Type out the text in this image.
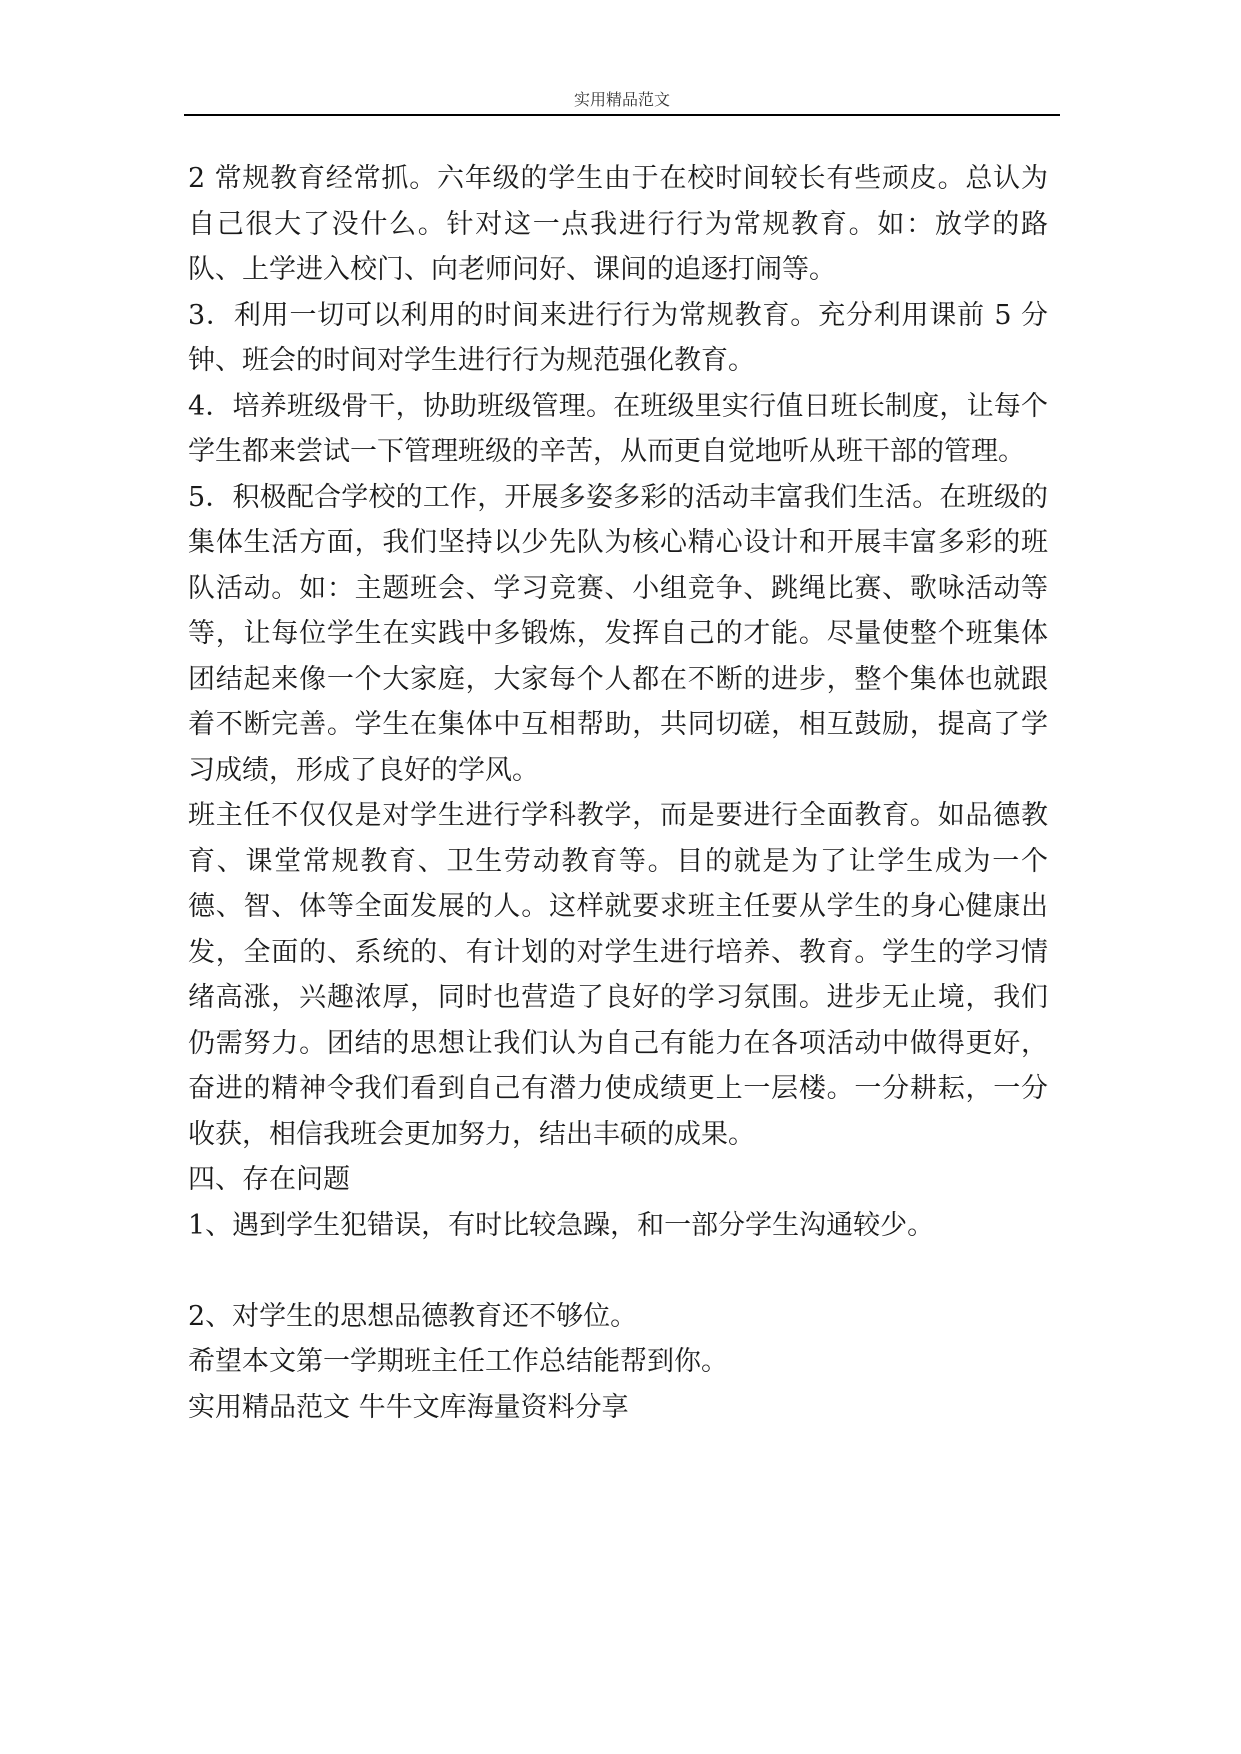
实用精品范文

2 常规教育经常抓。六年级的学生由于在校时间较长有些顽皮。总认为自己很大了没什么。针对这一点我进行行为常规教育。如：放学的路队、上学进入校门、向老师问好、课间的追逐打闹等。

3．利用一切可以利用的时间来进行行为常规教育。充分利用课前 5 分钟、班会的时间对学生进行行为规范强化教育。

4．培养班级骨干，协助班级管理。在班级里实行值日班长制度，让每个学生都来尝试一下管理班级的辛苦，从而更自觉地听从班干部的管理。

5．积极配合学校的工作，开展多姿多彩的活动丰富我们生活。在班级的集体生活方面，我们坚持以少先队为核心精心设计和开展丰富多彩的班队活动。如：主题班会、学习竞赛、小组竞争、跳绳比赛、歌咏活动等等，让每位学生在实践中多锻炼，发挥自己的才能。尽量使整个班集体团结起来像一个大家庭，大家每个人都在不断的进步，整个集体也就跟着不断完善。学生在集体中互相帮助，共同切磋，相互鼓励，提高了学习成绩，形成了良好的学风。

班主任不仅仅是对学生进行学科教学，而是要进行全面教育。如品德教育、课堂常规教育、卫生劳动教育等。目的就是为了让学生成为一个德、智、体等全面发展的人。这样就要求班主任要从学生的身心健康出发，全面的、系统的、有计划的对学生进行培养、教育。学生的学习情绪高涨，兴趣浓厚，同时也营造了良好的学习氛围。进步无止境，我们仍需努力。团结的思想让我们认为自己有能力在各项活动中做得更好，奋进的精神令我们看到自己有潜力使成绩更上一层楼。一分耕耘，一分收获，相信我班会更加努力，结出丰硕的成果。

四、存在问题

1、遇到学生犯错误，有时比较急躁，和一部分学生沟通较少。

2、对学生的思想品德教育还不够位。

希望本文第一学期班主任工作总结能帮到你。

实用精品范文 牛牛文库海量资料分享
